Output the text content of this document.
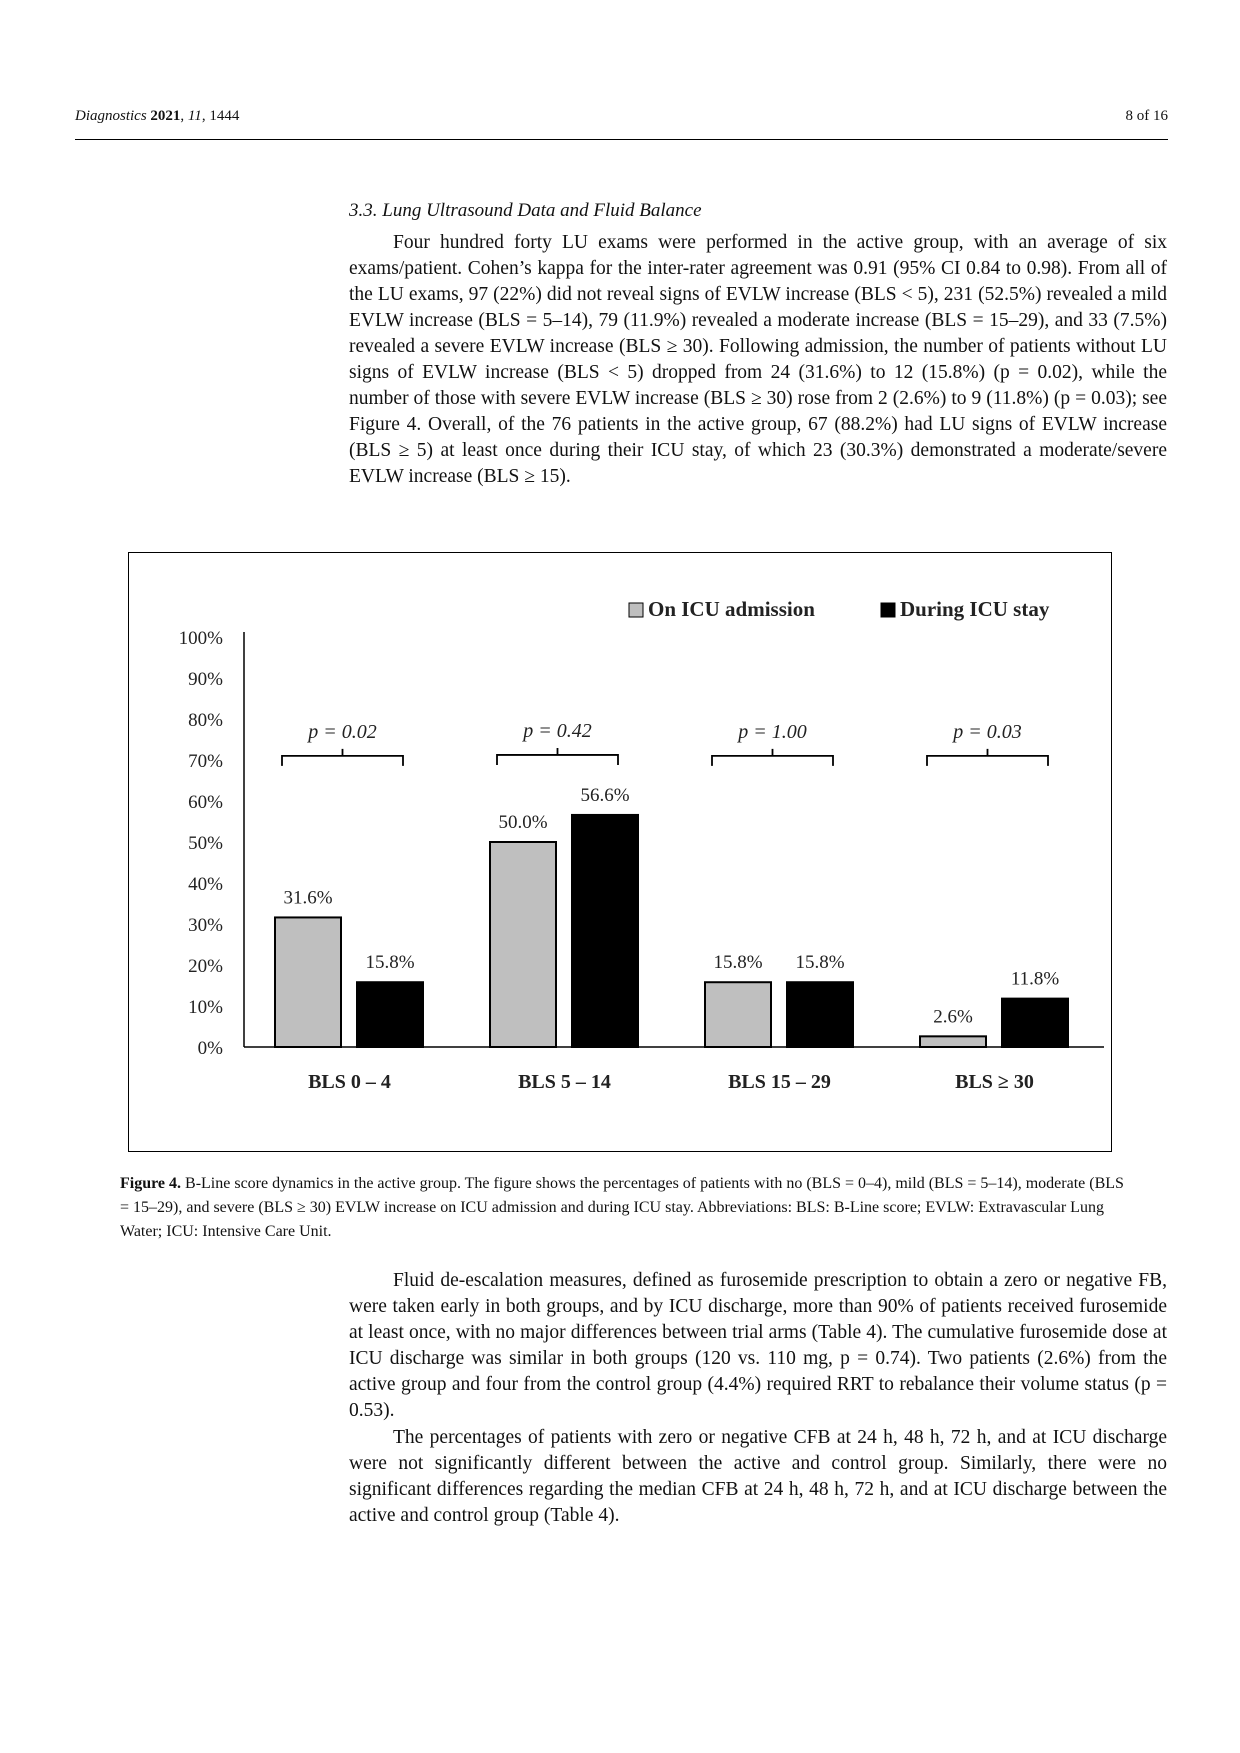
Diagnostics 2021, 11, 1444	8 of 16
3.3. Lung Ultrasound Data and Fluid Balance

Four hundred forty LU exams were performed in the active group, with an average of six exams/patient. Cohen’s kappa for the inter-rater agreement was 0.91 (95% CI 0.84 to 0.98). From all of the LU exams, 97 (22%) did not reveal signs of EVLW increase (BLS < 5), 231 (52.5%) revealed a mild EVLW increase (BLS = 5–14), 79 (11.9%) revealed a moderate increase (BLS = 15–29), and 33 (7.5%) revealed a severe EVLW increase (BLS ≥ 30). Following admission, the number of patients without LU signs of EVLW increase (BLS < 5) dropped from 24 (31.6%) to 12 (15.8%) (p = 0.02), while the number of those with severe EVLW increase (BLS ≥ 30) rose from 2 (2.6%) to 9 (11.8%) (p = 0.03); see Figure 4. Overall, of the 76 patients in the active group, 67 (88.2%) had LU signs of EVLW increase (BLS ≥ 5) at least once during their ICU stay, of which 23 (30.3%) demonstrated a moderate/severe EVLW increase (BLS ≥ 15).

0%
10%
20%
30%
40%
50%
60%
70%
80%
90%
100%
On ICU admission	During ICU stay
31.6%
15.8%
BLS 0 – 4
p = 0.02
50.0%
56.6%
BLS 5 – 14
p = 0.42
15.8% 15.8%
BLS 15 – 29
p = 1.00
2.6%
11.8%
BLS ≥ 30
p = 0.03

Figure 4. B-Line score dynamics in the active group. The figure shows the percentages of patients with no (BLS = 0–4), mild (BLS = 5–14), moderate (BLS = 15–29), and severe (BLS ≥ 30) EVLW increase on ICU admission and during ICU stay. Abbreviations: BLS: B-Line score; EVLW: Extravascular Lung Water; ICU: Intensive Care Unit.

Fluid de-escalation measures, defined as furosemide prescription to obtain a zero or negative FB, were taken early in both groups, and by ICU discharge, more than 90% of patients received furosemide at least once, with no major differences between trial arms (Table 4). The cumulative furosemide dose at ICU discharge was similar in both groups (120 vs. 110 mg, p = 0.74). Two patients (2.6%) from the active group and four from the control group (4.4%) required RRT to rebalance their volume status (p = 0.53).

The percentages of patients with zero or negative CFB at 24 h, 48 h, 72 h, and at ICU discharge were not significantly different between the active and control group. Similarly, there were no significant differences regarding the median CFB at 24 h, 48 h, 72 h, and at ICU discharge between the active and control group (Table 4).
